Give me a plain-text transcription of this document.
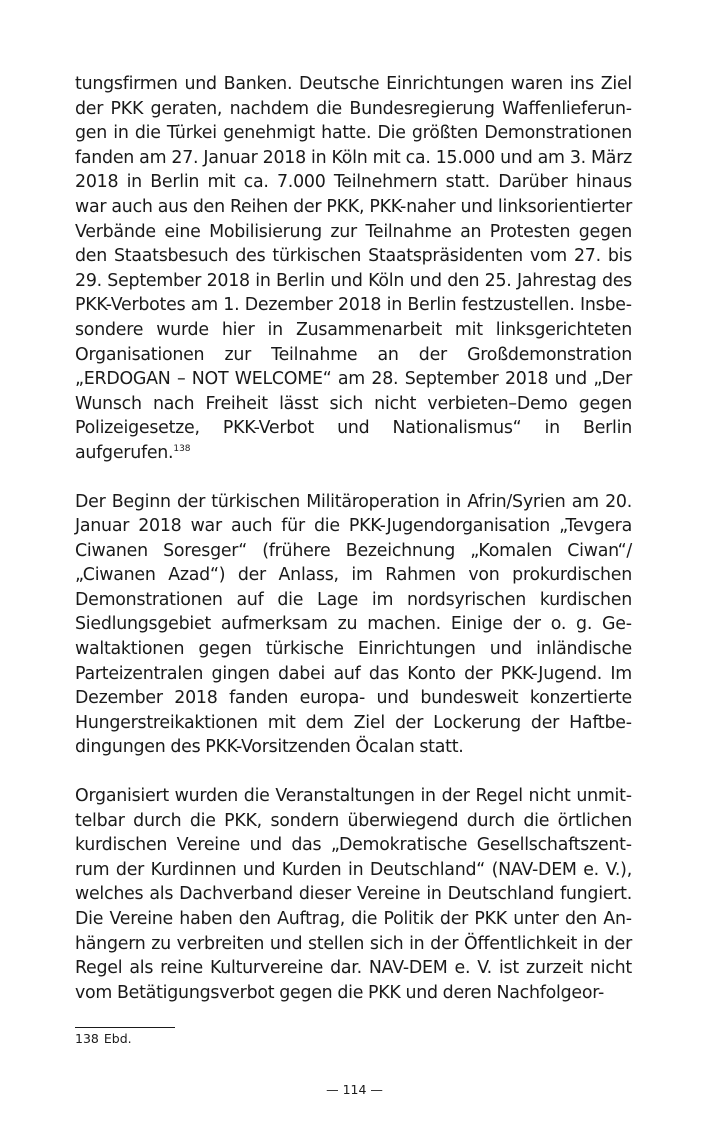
tungsfirmen und Banken. Deutsche Einrichtungen waren ins Ziel der PKK geraten, nachdem die Bundesregierung Waffenlieferungen in die Türkei genehmigt hatte. Die größten Demonstrationen fanden am 27. Januar 2018 in Köln mit ca. 15.000 und am 3. März 2018 in Berlin mit ca. 7.000 Teilnehmern statt. Darüber hinaus war auch aus den Reihen der PKK, PKK-naher und linksorientierter Verbände eine Mobilisierung zur Teilnahme an Protesten gegen den Staatsbesuch des türkischen Staatspräsidenten vom 27. bis 29. September 2018 in Berlin und Köln und den 25. Jahrestag des PKK-Verbotes am 1. Dezember 2018 in Berlin festzustellen. Insbesondere wurde hier in Zusammenarbeit mit linksgerichteten Organisationen zur Teilnahme an der Großdemonstration „ERDOGAN – NOT WELCOME“ am 28. September 2018 und „Der Wunsch nach Freiheit lässt sich nicht verbieten–Demo gegen Polizeigesetze, PKK-Verbot und Nationalismus“ in Berlin aufgerufen.$^{138}$

Der Beginn der türkischen Militäroperation in Afrin/Syrien am 20. Januar 2018 war auch für die PKK-Jugendorganisation „Tevgera Ciwanen Soresger“ (frühere Bezeichnung „Komalen Ciwan“/ „Ciwanen Azad“) der Anlass, im Rahmen von prokurdischen Demonstrationen auf die Lage im nordsyrischen kurdischen Siedlungsgebiet aufmerksam zu machen. Einige der o. g. Gewaltaktionen gegen türkische Einrichtungen und inländische Parteizentralen gingen dabei auf das Konto der PKK-Jugend. Im Dezember 2018 fanden europa- und bundesweit konzertierte Hungerstreikaktionen mit dem Ziel der Lockerung der Haftbedingungen des PKK-Vorsitzenden Öcalan statt.

Organisiert wurden die Veranstaltungen in der Regel nicht unmittelbar durch die PKK, sondern überwiegend durch die örtlichen kurdischen Vereine und das „Demokratische Gesellschaftszentrum der Kurdinnen und Kurden in Deutschland“ (NAV-DEM e. V.), welches als Dachverband dieser Vereine in Deutschland fungiert. Die Vereine haben den Auftrag, die Politik der PKK unter den Anhängern zu verbreiten und stellen sich in der Öffentlichkeit in der Regel als reine Kulturvereine dar. NAV-DEM e. V. ist zurzeit nicht vom Betätigungsverbot gegen die PKK und deren Nachfolgeor-

138 Ebd.
— 114 —
